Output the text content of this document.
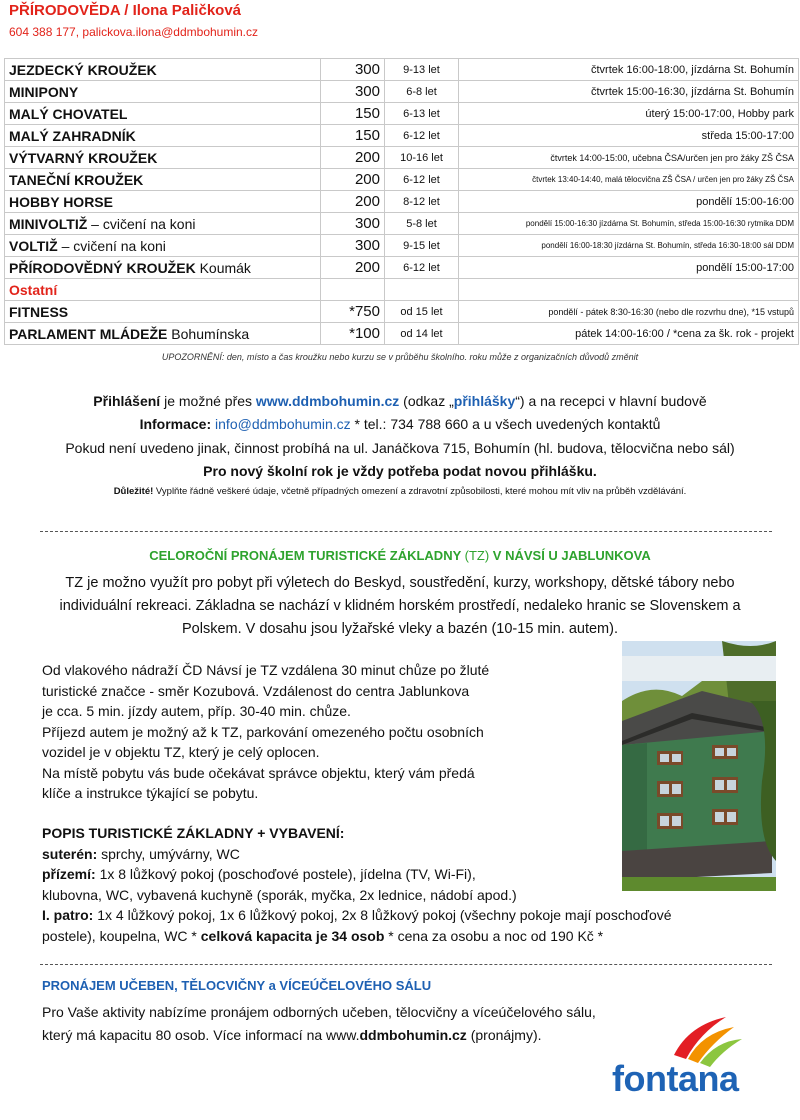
PŘÍRODOVĚDA / Ilona Paličková
604 388 177, palickova.ilona@ddmbohumin.cz
JEZDECKÝ KROUŽEK	300	9-13 let	čtvrtek 16:00-18:00, jízdárna St. Bohumín
MINIPONY	300	6-8 let	čtvrtek 15:00-16:30, jízdárna St. Bohumín
MALÝ CHOVATEL	150	6-13 let	úterý 15:00-17:00, Hobby park
MALÝ ZAHRADNÍK	150	6-12 let	středa 15:00-17:00
VÝTVARNÝ KROUŽEK	200	10-16 let	čtvrtek 14:00-15:00, učebna ČSA/určen jen pro žáky ZŠ ČSA
TANEČNÍ KROUŽEK	200	6-12 let	čtvrtek 13:40-14:40, malá tělocvična ZŠ ČSA / určen jen pro žáky ZŠ ČSA
HOBBY HORSE	200	8-12 let	pondělí 15:00-16:00
MINIVOLTIŽ – cvičení na koni	300	5-8 let	pondělí 15:00-16:30 jízdárna St. Bohumín, středa 15:00-16:30 rytmika DDM
VOLTIŽ – cvičení na koni	300	9-15 let	pondělí 16:00-18:30 jízdárna St. Bohumín, středa 16:30-18:00 sál DDM
PŘÍRODOVĚDNÝ KROUŽEK Koumák	200	6-12 let	pondělí 15:00-17:00
Ostatní			
FITNESS	*750	od 15 let	pondělí - pátek 8:30-16:30 (nebo dle rozvrhu dne), *15 vstupů
PARLAMENT MLÁDEŽE Bohumínska	*100	od 14 let	pátek 14:00-16:00 / *cena za šk. rok - projekt
UPOZORNĚNÍ: den, místo a čas kroužku nebo kurzu se v průběhu školního. roku může z organizačních důvodů změnit
Přihlášení je možné přes www.ddmbohumin.cz (odkaz „přihlášky“) a na recepci v hlavní budově
Informace: info@ddmbohumin.cz * tel.: 734 788 660 a u všech uvedených kontaktů
Pokud není uvedeno jinak, činnost probíhá na ul. Janáčkova 715, Bohumín (hl. budova, tělocvična nebo sál)
Pro nový školní rok je vždy potřeba podat novou přihlášku.
Důležité! Vyplňte řádně veškeré údaje, včetně případných omezení a zdravotní způsobilosti, které mohou mít vliv na průběh vzdělávání.
CELOROČNÍ PRONÁJEM TURISTICKÉ ZÁKLADNY (TZ) V NÁVSÍ U JABLUNKOVA
TZ je možno využít pro pobyt při výletech do Beskyd, soustředění, kurzy, workshopy, dětské tábory nebo individuální rekreaci. Základna se nachází v klidném horském prostředí, nedaleko hranic se Slovenskem a Polskem. V dosahu jsou lyžařské vleky a bazén (10-15 min. autem).
Od vlakového nádraží ČD Návsí je TZ vzdálena 30 minut chůze po žluté
turistické značce - směr Kozubová. Vzdálenost do centra Jablunkova
je cca. 5 min. jízdy autem, příp. 30-40 min. chůze.
Příjezd autem je možný až k TZ, parkování omezeného počtu osobních
vozidel je v objektu TZ, který je celý oplocen.
Na místě pobytu vás bude očekávat správce objektu, který vám předá
klíče a instrukce týkající se pobytu.
POPIS TURISTICKÉ ZÁKLADNY + VYBAVENÍ:
suterén: sprchy, umývárny, WC
přízemí: 1x 8 lůžkový pokoj (poschoďové postele), jídelna (TV, Wi-Fi),
klubovna, WC, vybavená kuchyně (sporák, myčka, 2x lednice, nádobí apod.)
I. patro: 1x 4 lůžkový pokoj, 1x 6 lůžkový pokoj, 2x 8 lůžkový pokoj (všechny pokoje mají poschoďové
postele), koupelna, WC * celková kapacita je 34 osob * cena za osobu a noc od 190 Kč *
PRONÁJEM UČEBEN, TĚLOCVIČNY a VÍCEÚČELOVÉHO SÁLU
Pro Vaše aktivity nabízíme pronájem odborných učeben, tělocvičny a víceúčelového sálu,
který má kapacitu 80 osob. Více informací na www.ddmbohumin.cz (pronájmy).
fontana
